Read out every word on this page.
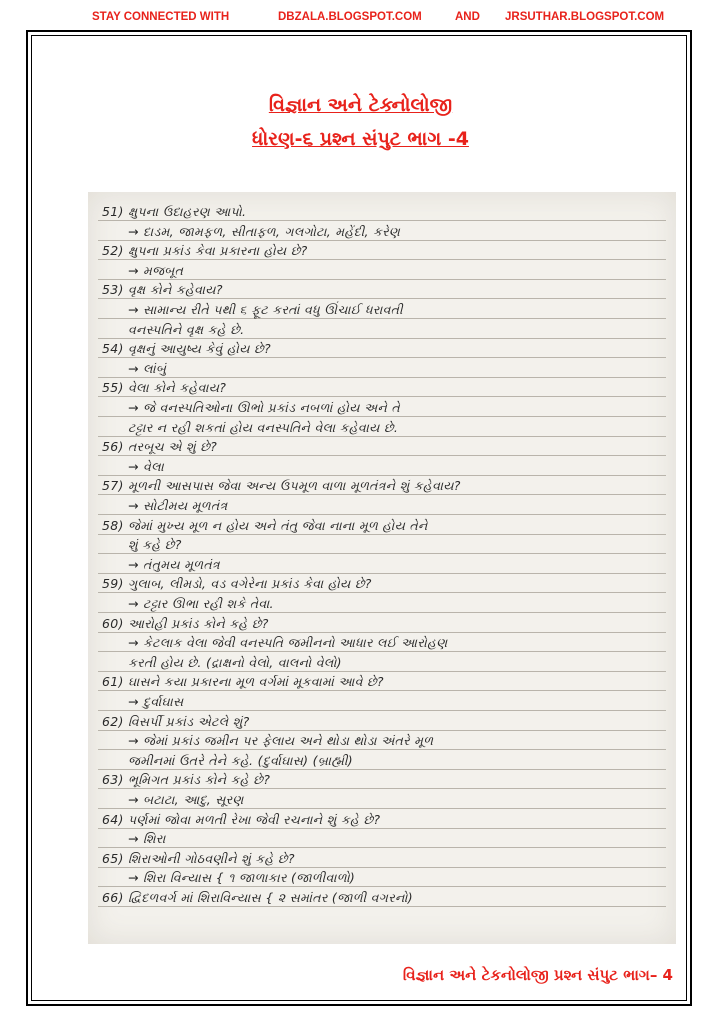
STAY CONNECTED WITH	DBZALA.BLOGSPOT.COM	AND JRSUTHAR.BLOGSPOT.COM
વિજ્ઞાન અને ટેક્નોલોજી
ધોરણ-૬ પ્રશ્ન સંપુટ ભાગ -4
51) ક્ષુપના ઉદાહરણ આપો.
→ દાડમ, જામફળ, સીતાફળ, ગલગોટા, મહેંદી, કરેણ
52) ક્ષુપના પ્રકાંડ કેવા પ્રકારના હોય છે?
→ મજબૂત
53) વૃક્ષ કોને કહેવાય?
→ સામાન્ય રીતે ૫થી ૬ ફૂટ કરતાં વધુ ઊંચાઈ ધરાવતી
વનસ્પતિને વૃક્ષ કહે છે.
54) વૃક્ષનું આયુષ્ય કેવું હોય છે?
→ લાંબું
55) વેલા કોને કહેવાય?
→ જે વનસ્પતિઓના ઊભો પ્રકાંડ નબળાં હોય અને તે
ટટ્ટાર ન રહી શકતાં હોય વનસ્પતિને વેલા કહેવાય છે.
56) તરબૂચ એ શું છે?
→ વેલા
57) મૂળની આસપાસ જેવા અન્ય ઉપમૂળ વાળા મૂળતંત્રને શું કહેવાય?
→ સોટીમય મૂળતંત્ર
58) જેમાં મુખ્ય મૂળ ન હોય અને તંતુ જેવા નાના મૂળ હોય તેને
શું કહે છે?
→ તંતુમય મૂળતંત્ર
59) ગુલાબ, લીમડો, વડ વગેરેના પ્રકાંડ કેવા હોય છે?
→ ટટ્ટાર ઊભા રહી શકે તેવા.
60) આરોહી પ્રકાંડ કોને કહે છે?
→ કેટલાક વેલા જેવી વનસ્પતિ જમીનનો આધાર લઈ આરોહણ
કરતી હોય છે. (દ્રાક્ષનો વેલો, વાલનો વેલો)
61) ઘાસને કયા પ્રકારના મૂળ વર્ગમાં મૂકવામાં આવે છે?
→ દુર્વાઘાસ
62) વિસર્પી પ્રકાંડ એટલે શું?
→ જેમાં પ્રકાંડ જમીન પર ફેલાય અને થોડા થોડા અંતરે મૂળ
જમીનમાં ઉતરે તેને કહે. (દુર્વાઘાસ) (બ્રાહ્મી)
63) ભૂમિગત પ્રકાંડ કોને કહે છે?
→ બટાટા, આદુ, સૂરણ
64) પર્ણમાં જોવા મળતી રેખા જેવી રચનાને શું કહે છે?
→ શિરા
65) શિરાઓની ગોઠવણીને શું કહે છે?
→ શિરા વિન્યાસ { ૧ જાળાકાર (જાળીવાળો)
66) દ્વિદળવર્ગ માં શિરાવિન્યાસ { ૨ સમાંતર (જાળી વગરનો)
વિજ્ઞાન અને ટેકનોલોજી પ્રશ્ન સંપુટ ભાગ– 4
